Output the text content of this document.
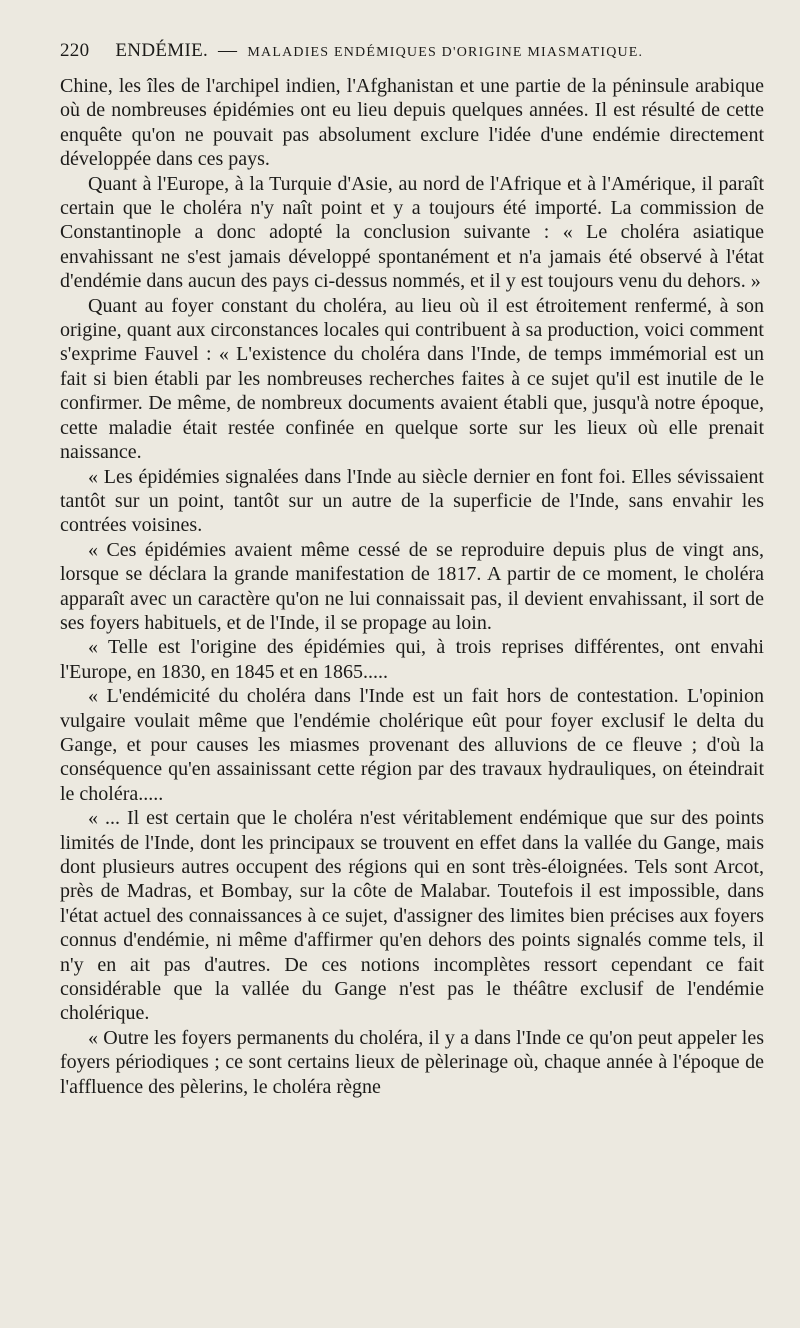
220 ENDÉMIE. — MALADIES ENDÉMIQUES D'ORIGINE MIASMATIQUE.

Chine, les îles de l'archipel indien, l'Afghanistan et une partie de la péninsule arabique où de nombreuses épidémies ont eu lieu depuis quelques années. Il est résulté de cette enquête qu'on ne pouvait pas absolument exclure l'idée d'une endémie directement développée dans ces pays.

Quant à l'Europe, à la Turquie d'Asie, au nord de l'Afrique et à l'Amérique, il paraît certain que le choléra n'y naît point et y a toujours été importé. La commission de Constantinople a donc adopté la conclusion suivante : « Le choléra asiatique envahissant ne s'est jamais développé spontanément et n'a jamais été observé à l'état d'endémie dans aucun des pays ci-dessus nommés, et il y est toujours venu du dehors. »

Quant au foyer constant du choléra, au lieu où il est étroitement renfermé, à son origine, quant aux circonstances locales qui contribuent à sa production, voici comment s'exprime Fauvel : « L'existence du choléra dans l'Inde, de temps immémorial est un fait si bien établi par les nombreuses recherches faites à ce sujet qu'il est inutile de le confirmer. De même, de nombreux documents avaient établi que, jusqu'à notre époque, cette maladie était restée confinée en quelque sorte sur les lieux où elle prenait naissance.

« Les épidémies signalées dans l'Inde au siècle dernier en font foi. Elles sévissaient tantôt sur un point, tantôt sur un autre de la superficie de l'Inde, sans envahir les contrées voisines.

« Ces épidémies avaient même cessé de se reproduire depuis plus de vingt ans, lorsque se déclara la grande manifestation de 1817. A partir de ce moment, le choléra apparaît avec un caractère qu'on ne lui connaissait pas, il devient envahissant, il sort de ses foyers habituels, et de l'Inde, il se propage au loin.

« Telle est l'origine des épidémies qui, à trois reprises différentes, ont envahi l'Europe, en 1830, en 1845 et en 1865.....

« L'endémicité du choléra dans l'Inde est un fait hors de contestation. L'opinion vulgaire voulait même que l'endémie cholérique eût pour foyer exclusif le delta du Gange, et pour causes les miasmes provenant des alluvions de ce fleuve ; d'où la conséquence qu'en assainissant cette région par des travaux hydrauliques, on éteindrait le choléra.....

« ... Il est certain que le choléra n'est véritablement endémique que sur des points limités de l'Inde, dont les principaux se trouvent en effet dans la vallée du Gange, mais dont plusieurs autres occupent des régions qui en sont très-éloignées. Tels sont Arcot, près de Madras, et Bombay, sur la côte de Malabar. Toutefois il est impossible, dans l'état actuel des connaissances à ce sujet, d'assigner des limites bien précises aux foyers connus d'endémie, ni même d'affirmer qu'en dehors des points signalés comme tels, il n'y en ait pas d'autres. De ces notions incomplètes ressort cependant ce fait considérable que la vallée du Gange n'est pas le théâtre exclusif de l'endémie cholérique.

« Outre les foyers permanents du choléra, il y a dans l'Inde ce qu'on peut appeler les foyers périodiques ; ce sont certains lieux de pèlerinage où, chaque année à l'époque de l'affluence des pèlerins, le choléra règne
